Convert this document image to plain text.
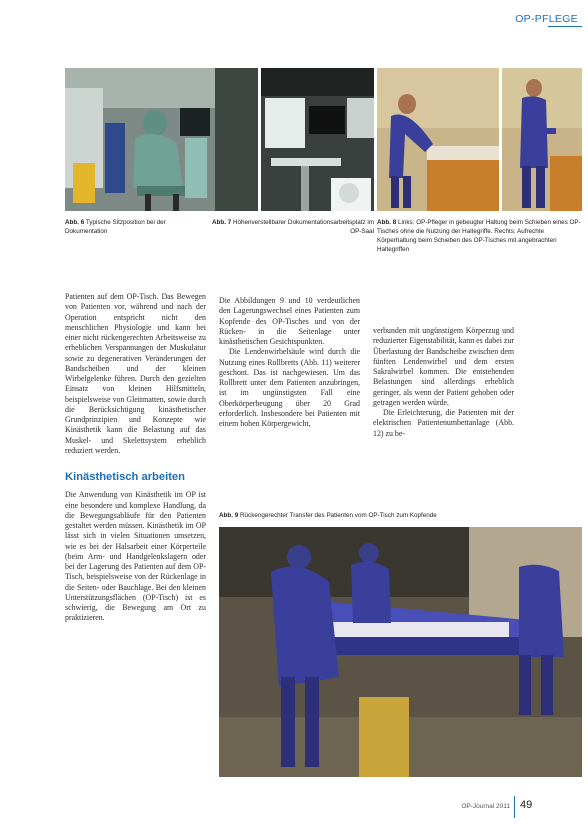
OP-PFLEGE
Abb. 6 Typische Sitzposition bei der Dokumentation
Abb. 7 Höhenverstellbarer Dokumentationsarbeitsplatz im OP-Saal
Abb. 8 Links: OP-Pfleger in gebeugter Haltung beim Schieben eines OP-Tisches ohne die Nutzung der Haltegriffe. Rechts: Aufrechte Körperhaltung beim Schieben des OP-Tisches mit angebrachten Haltegriffen

Patienten auf dem OP-Tisch. Das Bewegen von Patienten vor, während und nach der Operation entspricht nicht den menschlichen Physiologie und kann bei einer nicht rückengerechten Arbeitsweise zu erheblichen Verspannungen der Muskulatur sowie zu degenerativen Veränderungen der Bandscheiben und der kleinen Wirbelgelenke führen. Durch den gezielten Einsatz von kleinen Hilfsmitteln, beispielsweise von Gleitmatten, sowie durch die Berücksichtigung kinästhetischer Grundprinzipien und Konzepte wie Kinästhetik kann die Belastung auf das Muskel- und Skelettsystem erheblich reduziert werden.

Kinästhetisch arbeiten

Die Anwendung von Kinästhetik im OP ist eine besondere und komplexe Handlung, da die Bewegungsabläufe für den Patienten gestaltet werden müssen. Kinästhetik im OP lässt sich in vielen Situationen umsetzen, wie es bei der Halsarbeit einer Körperteile (beim Arm- und Handgelenkslagern oder bei der Lagerung des Patienten auf dem OP-Tisch, beispielsweise von der Rückenlage in die Seiten- oder Bauchlage. Bei den kleinen Unterstützungsflächen (OP-Tisch) ist es schwierig, die Bewegung am Ort zu praktizieren.

Die Abbildungen 9 und 10 verdeutlichen den Lagerungswechsel eines Patienten zum Kopfende des OP-Tisches und von der Rücken- in die Seitenlage unter kinästhetischen Gesichtspunkten.

Die Lendenwirbelsäule wird durch die Nutzung eines Rollbretts (Abb. 11) weiterer geschont. Das ist nachgewiesen. Um das Rollbrett unter dem Patienten anzubringen, ist im ungünstigsten Fall eine Oberkörperbeugung über 20 Grad erforderlich. Insbesondere bei Patienten mit einem hohen Körpergewicht,

verbunden mit ungünstigem Körperzug und reduzierter Eigenstabilität, kann es dabei zur Überlastung der Bandscheibe zwischen dem fünften Lendenwirbel und dem ersten Sakralwirbel kommen. Die entstehenden Belastungen sind allerdings erheblich geringer, als wenn der Patient gehoben oder getragen werden würde.

Die Erleichterung, die Patienten mit der elektrischen Patientenumbettanlage (Abb. 12) zu be-

Abb. 9 Rückengerechter Transfer des Patienten vom OP-Tisch zum Kopfende
OP-Journal 2011 49
